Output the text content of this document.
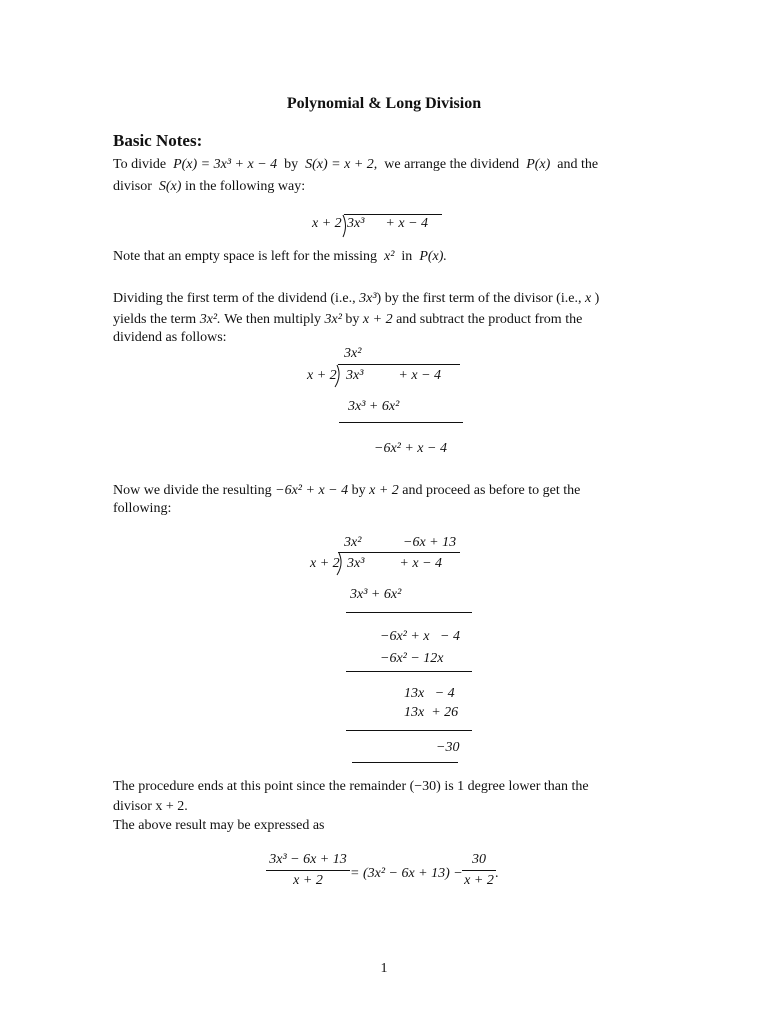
Polynomial & Long Division
Basic Notes:
To divide P(x) = 3x³ + x − 4 by S(x) = x + 2, we arrange the dividend P(x) and the
divisor S(x) in the following way:
x + 2 3x³      + x − 4
Note that an empty space is left for the missing x² in P(x).
Dividing the first term of the dividend (i.e., 3x³) by the first term of the divisor (i.e., x )
yields the term 3x². We then multiply 3x² by x + 2 and subtract the product from the
dividend as follows:
3x²
x + 2 3x³          + x − 4
3x³ + 6x²
−6x² + x − 4
Now we divide the resulting −6x² + x − 4 by x + 2 and proceed as before to get the
following:
3x²	−6x + 13
x + 2 3x³          + x − 4
3x³ + 6x²
−6x² + x   − 4
−6x² − 12x
13x   − 4
13x  + 26
−30
The procedure ends at this point since the remainder (−30) is 1 degree lower than the
divisor x + 2.
The above result may be expressed as
$\frac{\text{3x³ − 6x + 13}}{x + 2} = (3x^2 - 6x + 13) - \frac{30}{x + 2}$ .
1
